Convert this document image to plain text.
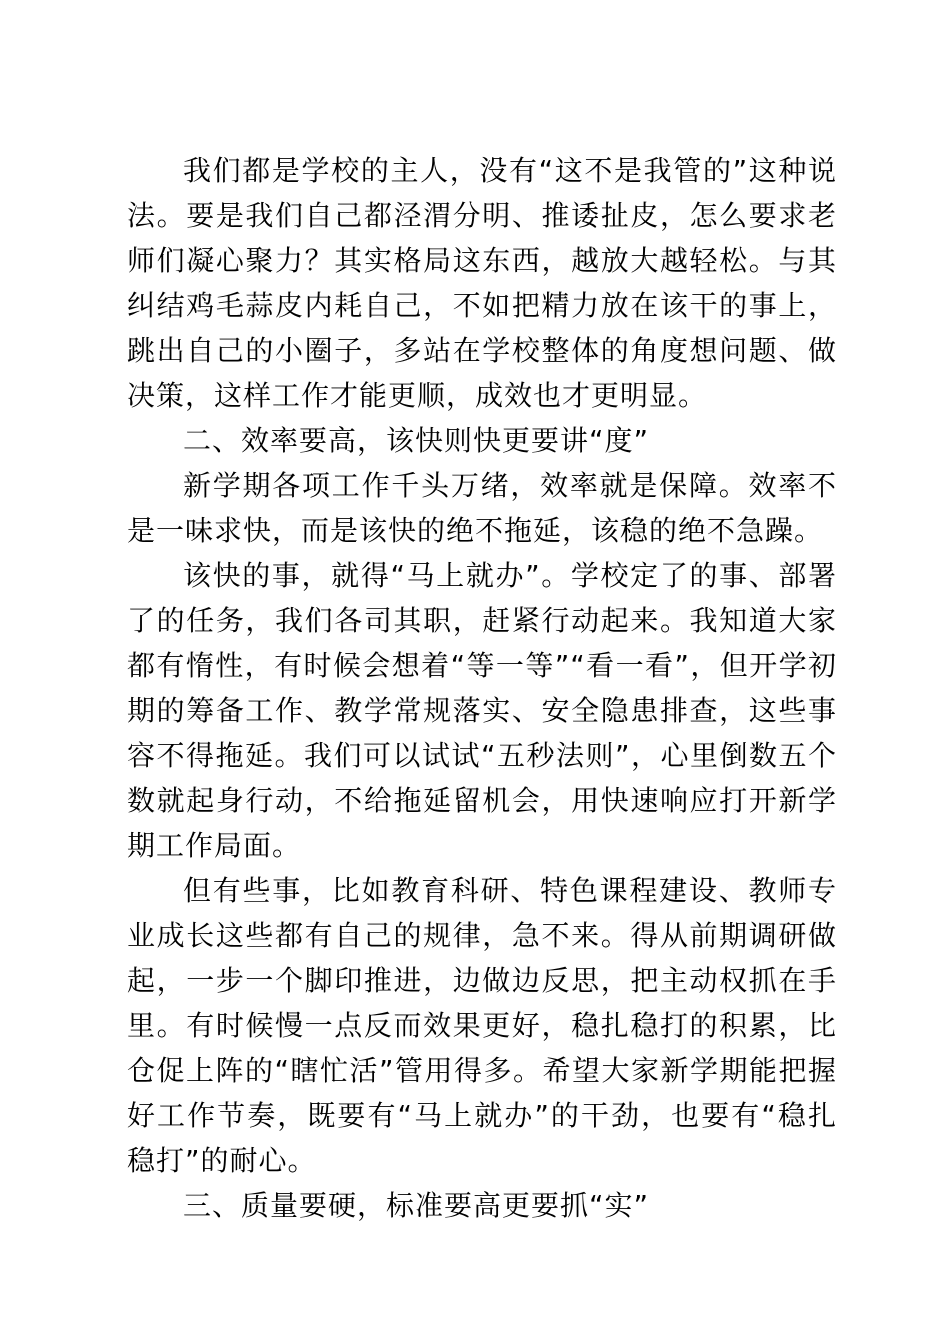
我们都是学校的主人，没有“这不是我管的”这种说法。要是我们自己都泾渭分明、推诿扯皮，怎么要求老师们凝心聚力？其实格局这东西，越放大越轻松。与其纠结鸡毛蒜皮内耗自己，不如把精力放在该干的事上，跳出自己的小圈子，多站在学校整体的角度想问题、做决策，这样工作才能更顺，成效也才更明显。

二、效率要高，该快则快更要讲“度”

新学期各项工作千头万绪，效率就是保障。效率不是一味求快，而是该快的绝不拖延，该稳的绝不急躁。

该快的事，就得“马上就办”。学校定了的事、部署了的任务，我们各司其职，赶紧行动起来。我知道大家都有惰性，有时候会想着“等一等”“看一看”，但开学初期的筹备工作、教学常规落实、安全隐患排查，这些事容不得拖延。我们可以试试“五秒法则”，心里倒数五个数就起身行动，不给拖延留机会，用快速响应打开新学期工作局面。

但有些事，比如教育科研、特色课程建设、教师专业成长这些都有自己的规律，急不来。得从前期调研做起，一步一个脚印推进，边做边反思，把主动权抓在手里。有时候慢一点反而效果更好，稳扎稳打的积累，比仓促上阵的“瞎忙活”管用得多。希望大家新学期能把握好工作节奏，既要有“马上就办”的干劲，也要有“稳扎稳打”的耐心。

三、质量要硬，标准要高更要抓“实”
